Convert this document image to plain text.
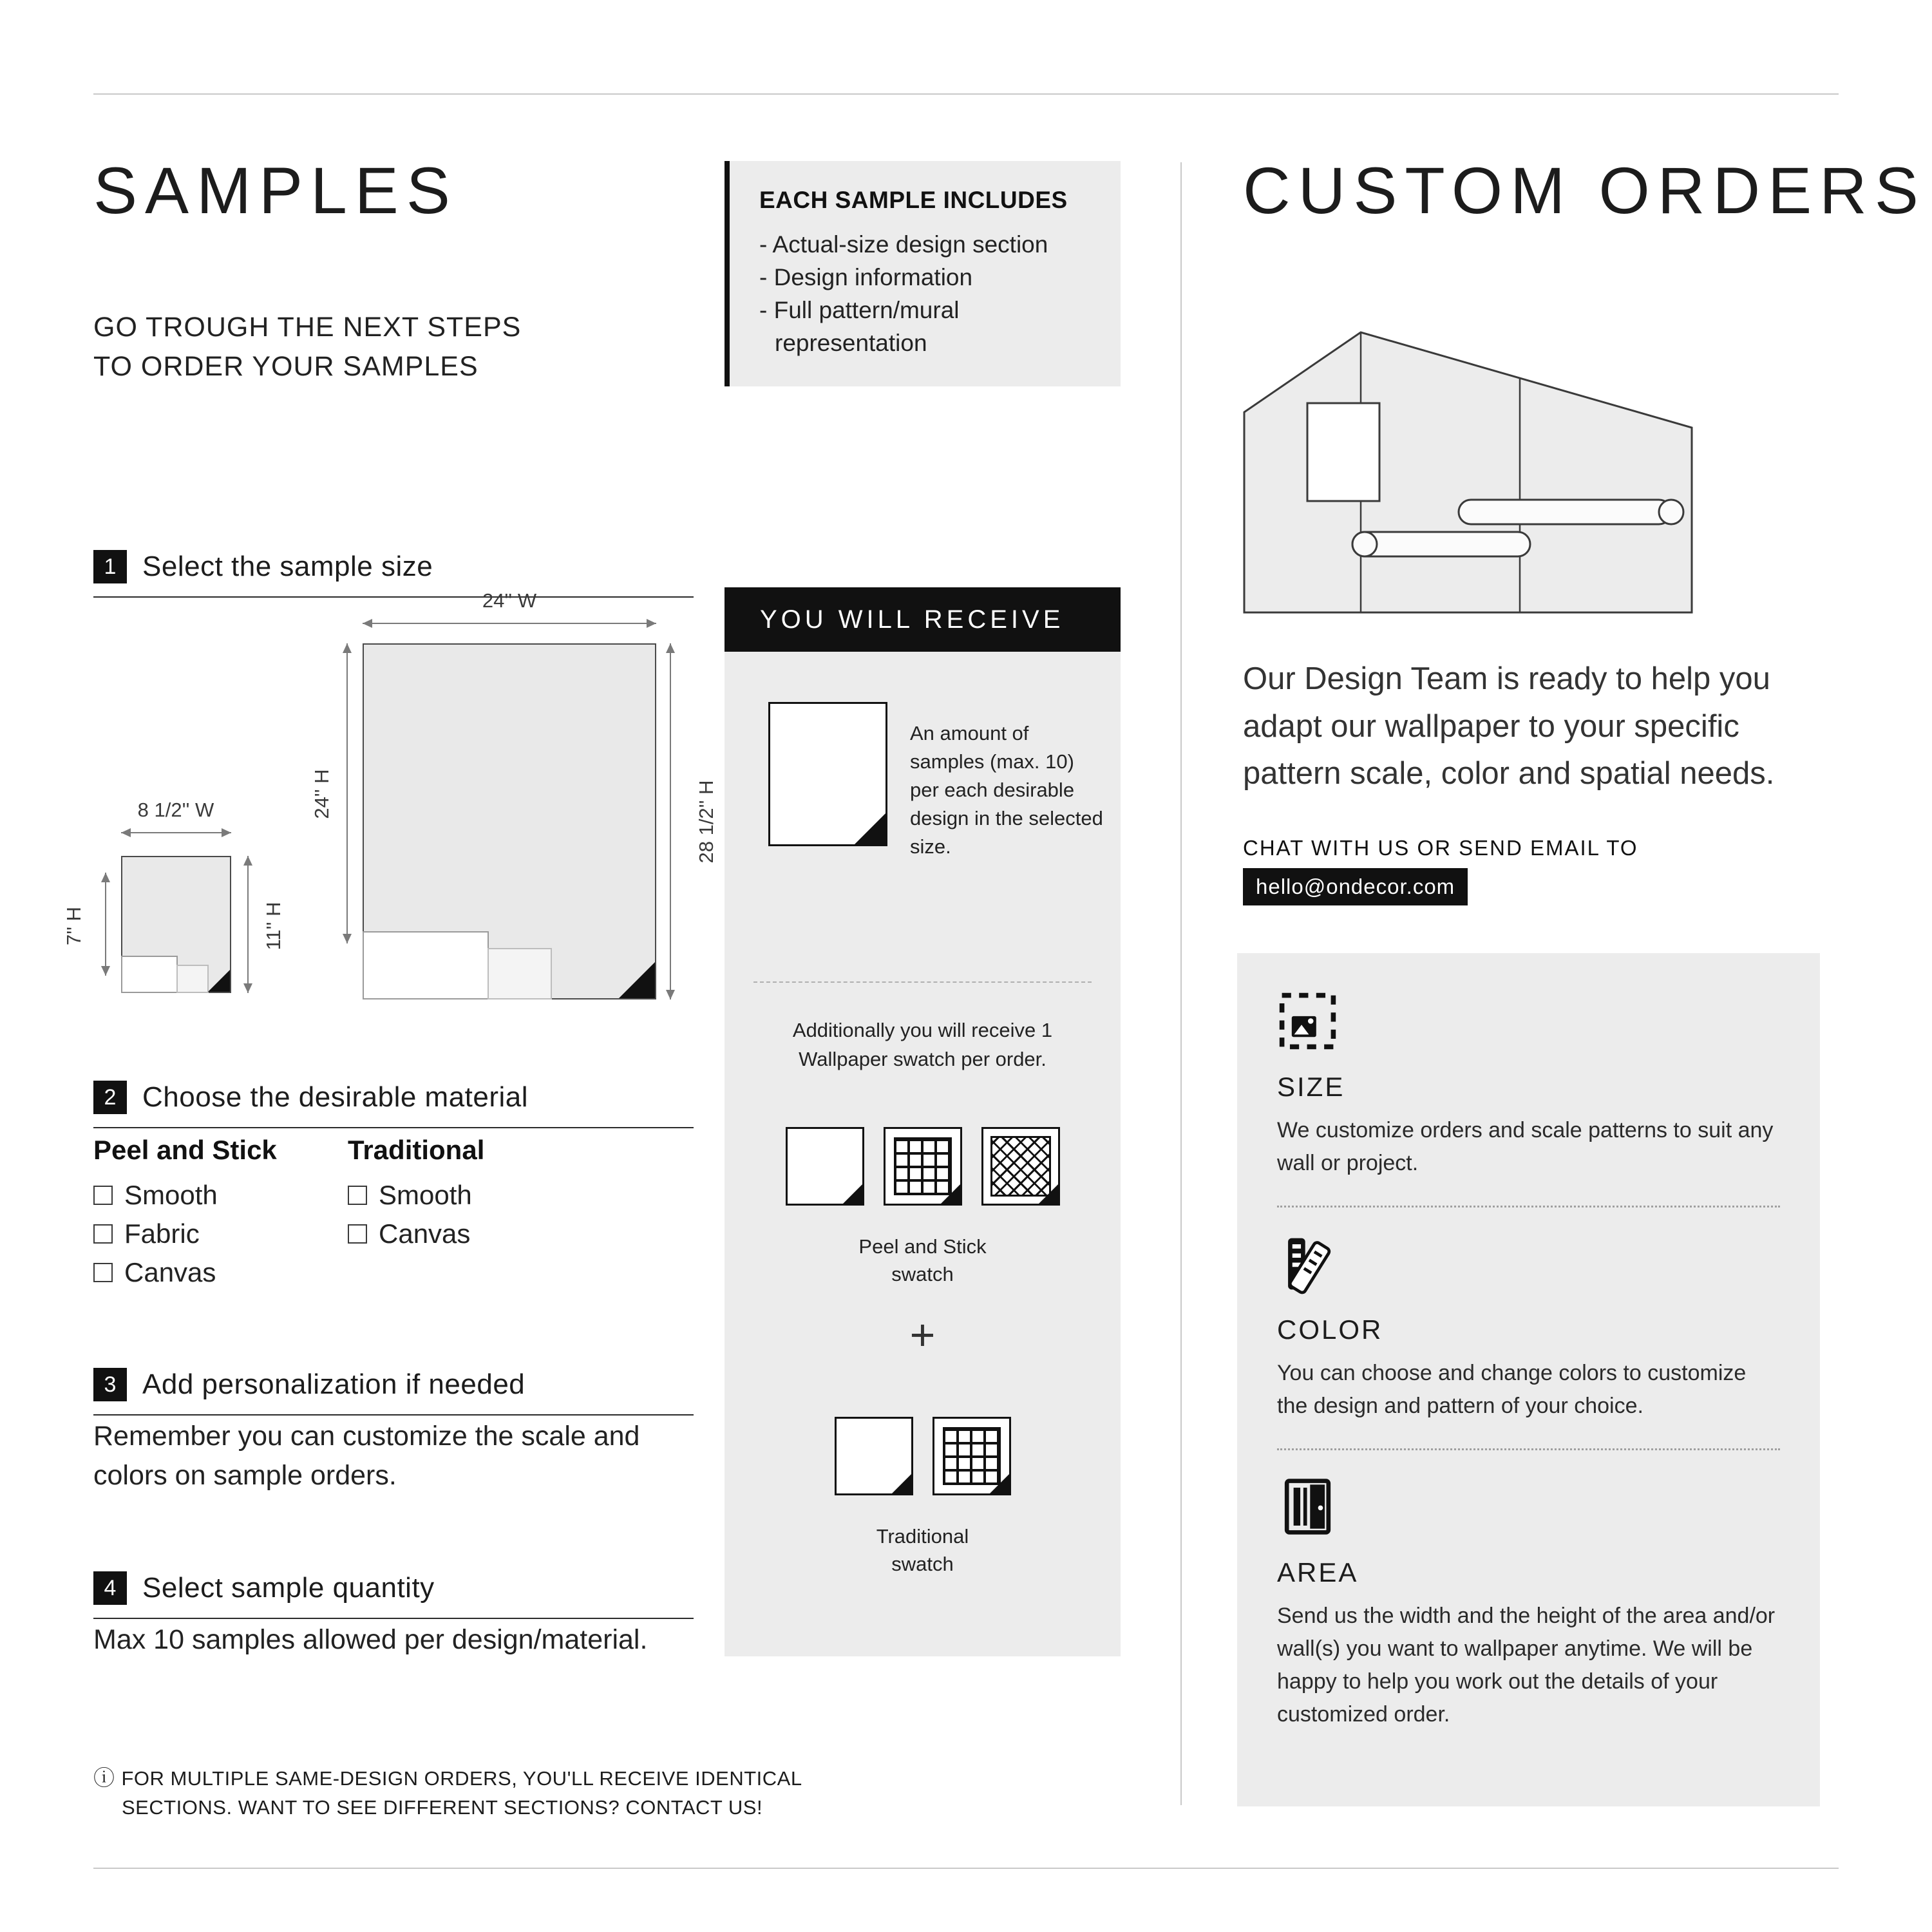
SAMPLES
GO TROUGH THE NEXT STEPS
TO ORDER YOUR SAMPLES
EACH SAMPLE INCLUDES

- Actual-size design section

- Design information

- Full pattern/mural representation

1 Select the sample size
24'' W
24'' H	28 1/2'' H
8 1/2'' W
7'' H	11'' H
2 Choose the desirable material
Peel and Stick
Smooth
Fabric
Canvas
Traditional
Smooth
Canvas
3 Add personalization if needed
Remember you can customize the scale and colors on sample orders.
4 Select sample quantity
Max 10 samples allowed per design/material.
ⓘ FOR MULTIPLE SAME-DESIGN ORDERS, YOU'LL RECEIVE IDENTICAL SECTIONS. WANT TO SEE DIFFERENT SECTIONS? CONTACT US!
YOU WILL RECEIVE
An amount of samples (max. 10) per each desirable design in the selected size.
Additionally you will receive 1 Wallpaper swatch per order.
Peel and Stick swatch
+
Traditional swatch
CUSTOM ORDERS
Our Design Team is ready to help you adapt our wallpaper to your specific pattern scale, color and spatial needs.
CHAT WITH US OR SEND EMAIL TO
hello@ondecor.com
SIZE

We customize orders and scale patterns to suit any wall or project.

COLOR

You can choose and change colors to customize the design and pattern of your choice.

AREA

Send us the width and the height of the area and/or wall(s) you want to wallpaper anytime. We will be happy to help you work out the details of your customized order.
